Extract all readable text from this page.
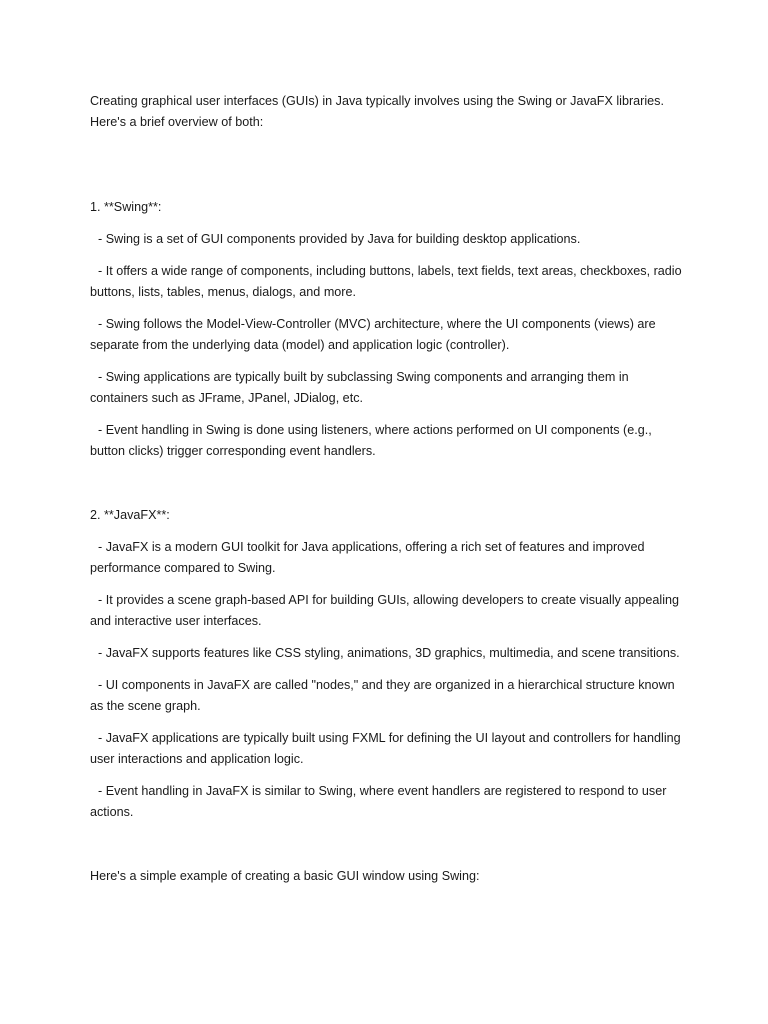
Creating graphical user interfaces (GUIs) in Java typically involves using the Swing or JavaFX libraries. Here's a brief overview of both:

1. **Swing**:

- Swing is a set of GUI components provided by Java for building desktop applications.

- It offers a wide range of components, including buttons, labels, text fields, text areas, checkboxes, radio buttons, lists, tables, menus, dialogs, and more.

- Swing follows the Model-View-Controller (MVC) architecture, where the UI components (views) are separate from the underlying data (model) and application logic (controller).

- Swing applications are typically built by subclassing Swing components and arranging them in containers such as JFrame, JPanel, JDialog, etc.

- Event handling in Swing is done using listeners, where actions performed on UI components (e.g., button clicks) trigger corresponding event handlers.

2. **JavaFX**:

- JavaFX is a modern GUI toolkit for Java applications, offering a rich set of features and improved performance compared to Swing.

- It provides a scene graph-based API for building GUIs, allowing developers to create visually appealing and interactive user interfaces.

- JavaFX supports features like CSS styling, animations, 3D graphics, multimedia, and scene transitions.

- UI components in JavaFX are called "nodes," and they are organized in a hierarchical structure known as the scene graph.

- JavaFX applications are typically built using FXML for defining the UI layout and controllers for handling user interactions and application logic.

- Event handling in JavaFX is similar to Swing, where event handlers are registered to respond to user actions.

Here's a simple example of creating a basic GUI window using Swing:
